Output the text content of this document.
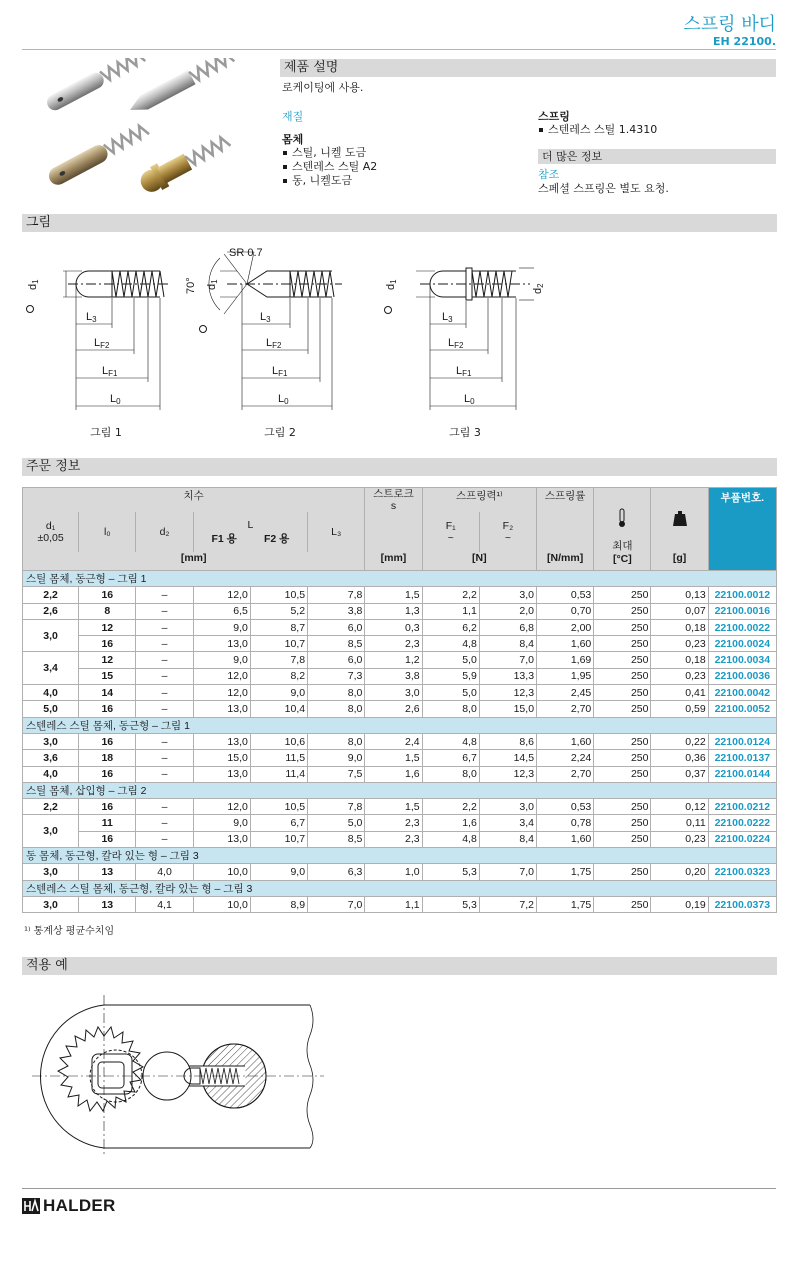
스프링 바디
EH 22100.
제품 설명
로케이팅에 사용.
재질
몸체
스틸, 니켈 도금
스텐레스 스틸 A2
동, 니켈도금
스프링
스텐레스 스틸 1.4310
더 많은 정보
참조
스페셜 스프링은 별도 요청.
그림
d1
L3
LF2
LF1
L0
SR 0.7
70° d1
L3
LF2
LF1
L0
d1
d2
L3
LF2
LF1
L0
그림 1	그림 2	그림 3
주문 정보
치수						스트로크
s	스프링력¹⁾		스프링률			부품번호.
d₁
±0,05	l₀	d₂	L
F1 용 F2 용		L₃		F₁
~	F₂
~				
[mm]						[mm]	[N]		[N/mm]	최대
[°C]	[g]	
스틸 몸체, 동근형 – 그림 1												
2,2	16	–	12,0	10,5	7,8	1,5	2,2	3,0	0,53	250	0,13	22100.0012
2,6	8	–	6,5	5,2	3,8	1,3	1,1	2,0	0,70	250	0,07	22100.0016
3,0	12	–	9,0	8,7	6,0	0,3	6,2	6,8	2,00	250	0,18	22100.0022
	16	–	13,0	10,7	8,5	2,3	4,8	8,4	1,60	250	0,23	22100.0024
3,4	12	–	9,0	7,8	6,0	1,2	5,0	7,0	1,69	250	0,18	22100.0034
	15	–	12,0	8,2	7,3	3,8	5,9	13,3	1,95	250	0,23	22100.0036
4,0	14	–	12,0	9,0	8,0	3,0	5,0	12,3	2,45	250	0,41	22100.0042
5,0	16	–	13,0	10,4	8,0	2,6	8,0	15,0	2,70	250	0,59	22100.0052
스텐레스 스틸 몸체, 동근형 – 그림 1												
3,0	16	–	13,0	10,6	8,0	2,4	4,8	8,6	1,60	250	0,22	22100.0124
3,6	18	–	15,0	11,5	9,0	1,5	6,7	14,5	2,24	250	0,36	22100.0137
4,0	16	–	13,0	11,4	7,5	1,6	8,0	12,3	2,70	250	0,37	22100.0144
스틸 몸체, 삽입형 – 그림 2												
2,2	16	–	12,0	10,5	7,8	1,5	2,2	3,0	0,53	250	0,12	22100.0212
3,0	11	–	9,0	6,7	5,0	2,3	1,6	3,4	0,78	250	0,11	22100.0222
	16	–	13,0	10,7	8,5	2,3	4,8	8,4	1,60	250	0,23	22100.0224
동 몸체, 동근형, 칼라 있는 형 – 그림 3												
3,0	13	4,0	10,0	9,0	6,3	1,0	5,3	7,0	1,75	250	0,20	22100.0323
스텐레스 스틸 몸체, 동근형, 칼라 있는 형 – 그림 3												
3,0	13	4,1	10,0	8,9	7,0	1,1	5,3	7,2	1,75	250	0,19	22100.0373
¹⁾ 통계상 평균수치임
적용 예
HALDER
